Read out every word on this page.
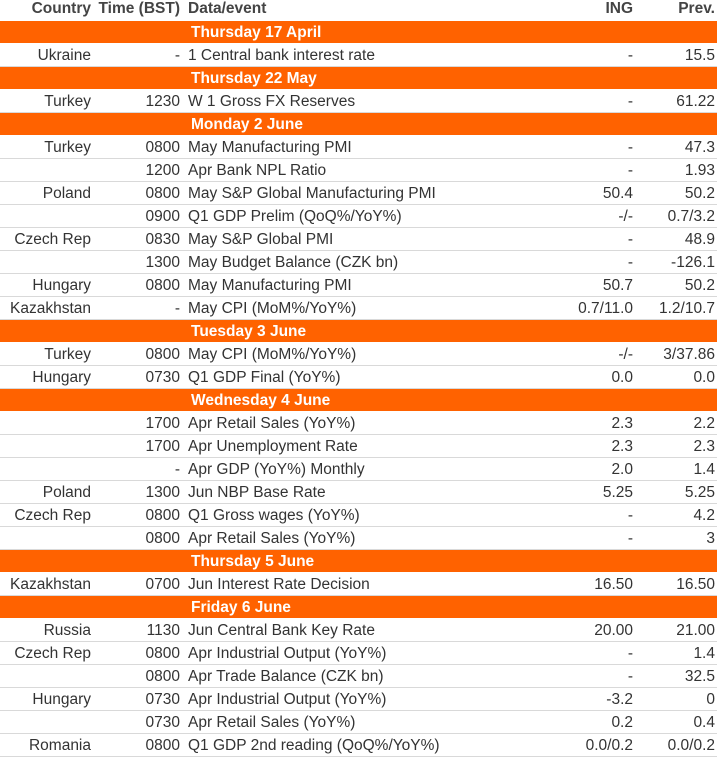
Country	Time (BST)	Data/event	ING	Prev.
Thursday 17 April				
Ukraine	-	1 Central bank interest rate	-	15.5
Thursday 22 May				
Turkey	1230	W 1 Gross FX Reserves	-	61.22
Monday 2 June				
Turkey	0800	May Manufacturing PMI	-	47.3
	1200	Apr Bank NPL Ratio	-	1.93
Poland	0800	May S&P Global Manufacturing PMI	50.4	50.2
	0900	Q1 GDP Prelim (QoQ%/YoY%)	-/-	0.7/3.2
Czech Rep	0830	May S&P Global PMI	-	48.9
	1300	May Budget Balance (CZK bn)	-	-126.1
Hungary	0800	May Manufacturing PMI	50.7	50.2
Kazakhstan	-	May CPI (MoM%/YoY%)	0.7/11.0	1.2/10.7
Tuesday 3 June				
Turkey	0800	May CPI (MoM%/YoY%)	-/-	3/37.86
Hungary	0730	Q1 GDP Final (YoY%)	0.0	0.0
Wednesday 4 June				
	1700	Apr Retail Sales (YoY%)	2.3	2.2
	1700	Apr Unemployment Rate	2.3	2.3
	-	Apr GDP (YoY%) Monthly	2.0	1.4
Poland	1300	Jun NBP Base Rate	5.25	5.25
Czech Rep	0800	Q1 Gross wages (YoY%)	-	4.2
	0800	Apr Retail Sales (YoY%)	-	3
Thursday 5 June				
Kazakhstan	0700	Jun Interest Rate Decision	16.50	16.50
Friday 6 June				
Russia	1130	Jun Central Bank Key Rate	20.00	21.00
Czech Rep	0800	Apr Industrial Output (YoY%)	-	1.4
	0800	Apr Trade Balance (CZK bn)	-	32.5
Hungary	0730	Apr Industrial Output (YoY%)	-3.2	0
	0730	Apr Retail Sales (YoY%)	0.2	0.4
Romania	0800	Q1 GDP 2nd reading (QoQ%/YoY%)	0.0/0.2	0.0/0.2
